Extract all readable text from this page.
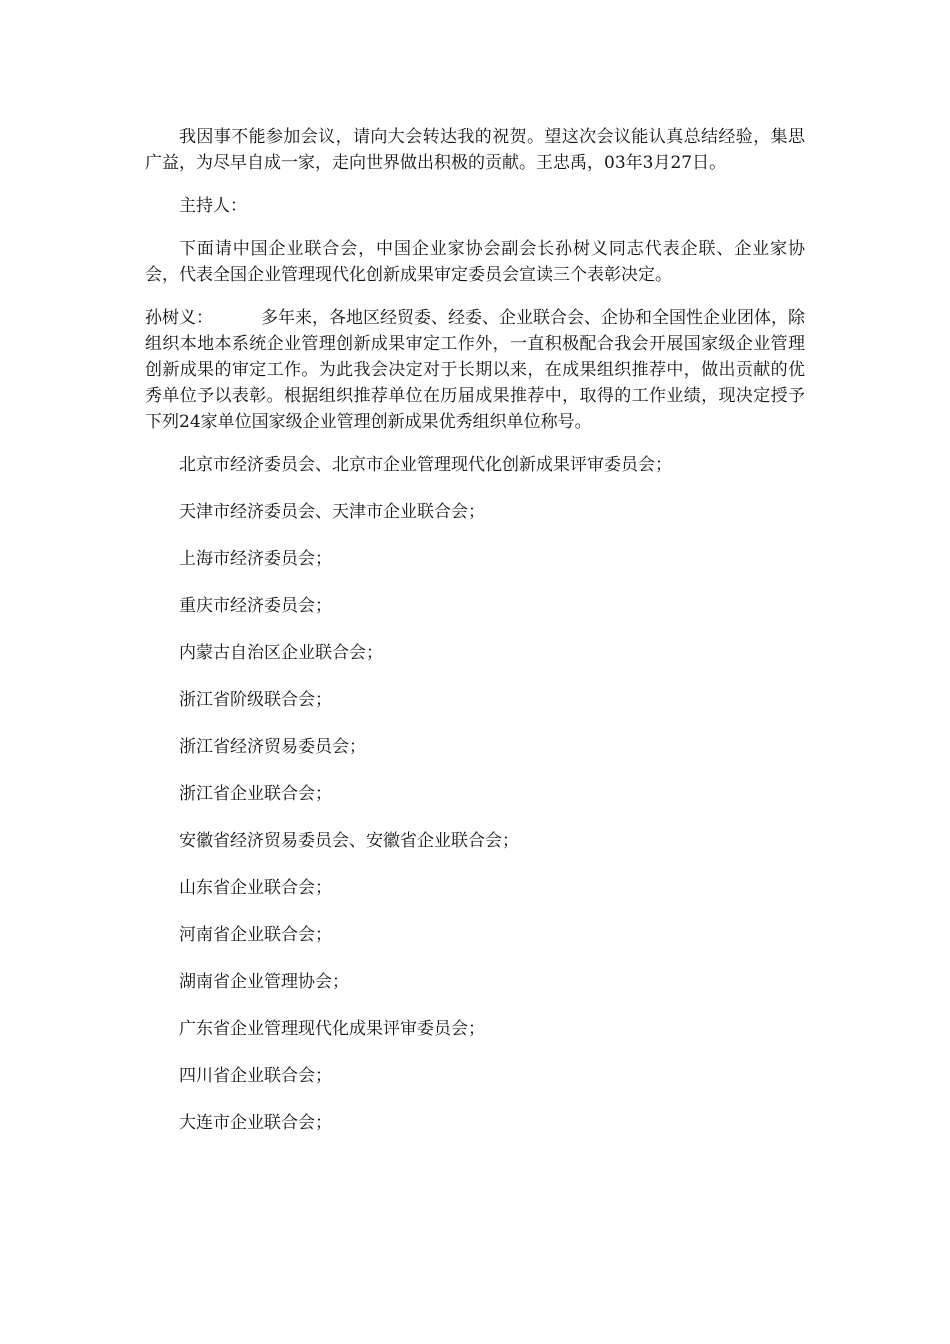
我因事不能参加会议，请向大会转达我的祝贺。望这次会议能认真总结经验，集思广益，为尽早自成一家，走向世界做出积极的贡献。王忠禹，03年3月27日。

主持人：

下面请中国企业联合会，中国企业家协会副会长孙树义同志代表企联、企业家协会，代表全国企业管理现代化创新成果审定委员会宣读三个表彰决定。

孙树义：	多年来，各地区经贸委、经委、企业联合会、企协和全国性企业团体，除组织本地本系统企业管理创新成果审定工作外，一直积极配合我会开展国家级企业管理创新成果的审定工作。为此我会决定对于长期以来，在成果组织推荐中，做出贡献的优秀单位予以表彰。根据组织推荐单位在历届成果推荐中，取得的工作业绩，现决定授予下列24家单位国家级企业管理创新成果优秀组织单位称号。

北京市经济委员会、北京市企业管理现代化创新成果评审委员会；

天津市经济委员会、天津市企业联合会；

上海市经济委员会；

重庆市经济委员会；

内蒙古自治区企业联合会；

浙江省阶级联合会；

浙江省经济贸易委员会；

浙江省企业联合会；

安徽省经济贸易委员会、安徽省企业联合会；

山东省企业联合会；

河南省企业联合会；

湖南省企业管理协会；

广东省企业管理现代化成果评审委员会；

四川省企业联合会；

大连市企业联合会；
